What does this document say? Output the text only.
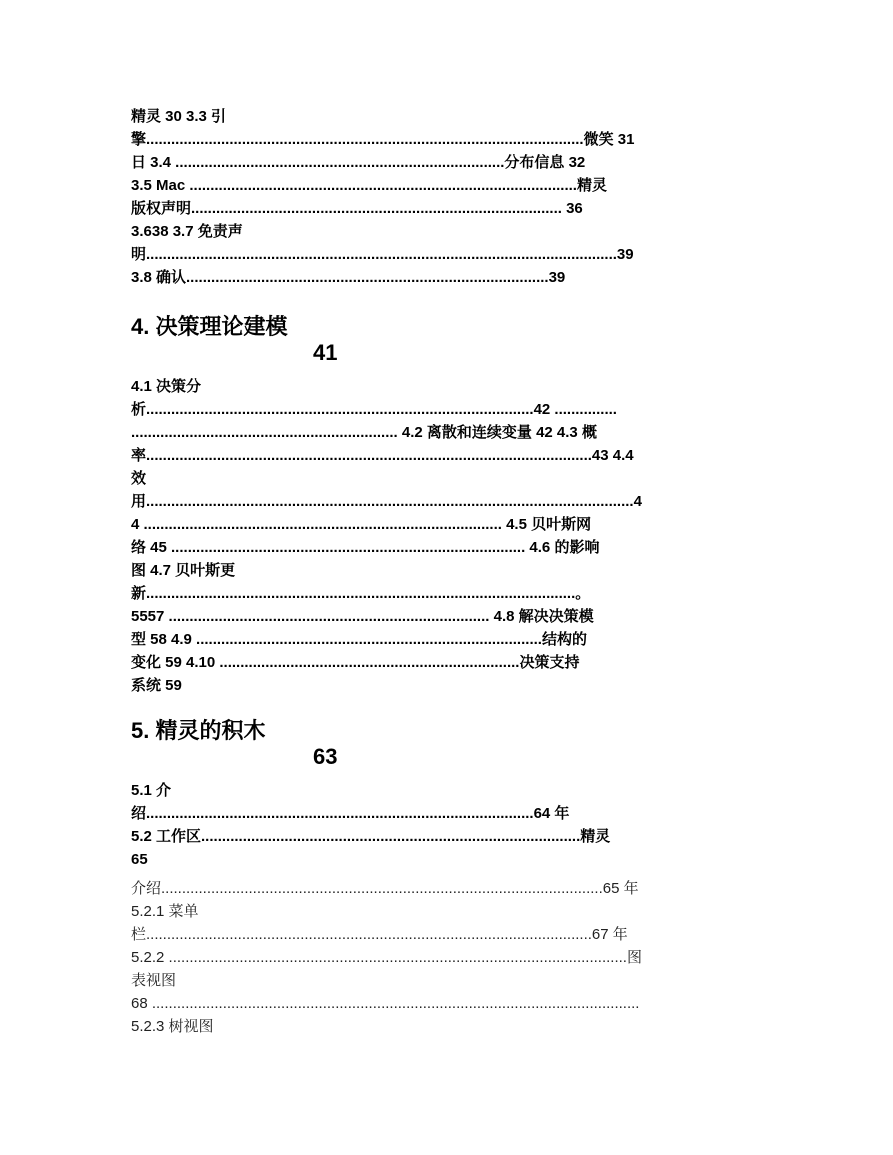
精灵 30 3.3 引
擎.........................................................................................................微笑 31
日 3.4 ...............................................................................分布信息 32
3.5 Mac .............................................................................................精灵
版权声明......................................................................................... 36
3.638 3.7 免责声
明.................................................................................................................39
3.8 确认.......................................................................................39
4. 决策理论建模
41
4.1 决策分
析.............................................................................................42 ...............
................................................................ 4.2 离散和连续变量 42 4.3 概
率...........................................................................................................43 4.4
效
用.....................................................................................................................4
4 ...................................................................................... 4.5 贝叶斯网
络 45 ..................................................................................... 4.6 的影响
图 4.7 贝叶斯更
新.......................................................................................................。
5557 ............................................................................. 4.8 解决决策模
型 58 4.9 ...................................................................................结构的
变化 59 4.10 ........................................................................决策支持
系统 59
5. 精灵的积木
63
5.1 介
绍.............................................................................................64 年
5.2 工作区...........................................................................................精灵
65
介绍..........................................................................................................65 年
5.2.1 菜单
栏...........................................................................................................67 年
5.2.2 ..............................................................................................................图
表视图
68 .....................................................................................................................
5.2.3 树视图
